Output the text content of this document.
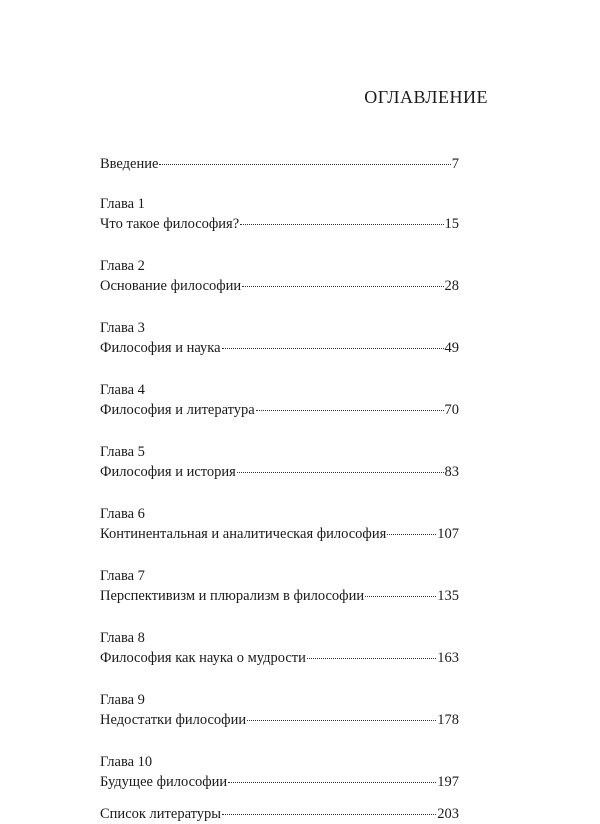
ОГЛАВЛЕНИЕ
Введение	7
Глава 1
Что такое философия?	15
Глава 2
Основание философии	28
Глава 3
Философия и наука	49
Глава 4
Философия и литература	70
Глава 5
Философия и история	83
Глава 6
Континентальная и аналитическая философия	107
Глава 7
Перспективизм и плюрализм в философии	135
Глава 8
Философия как наука о мудрости	163
Глава 9
Недостатки философии	178
Глава 10
Будущее философии	197
Список литературы	203
